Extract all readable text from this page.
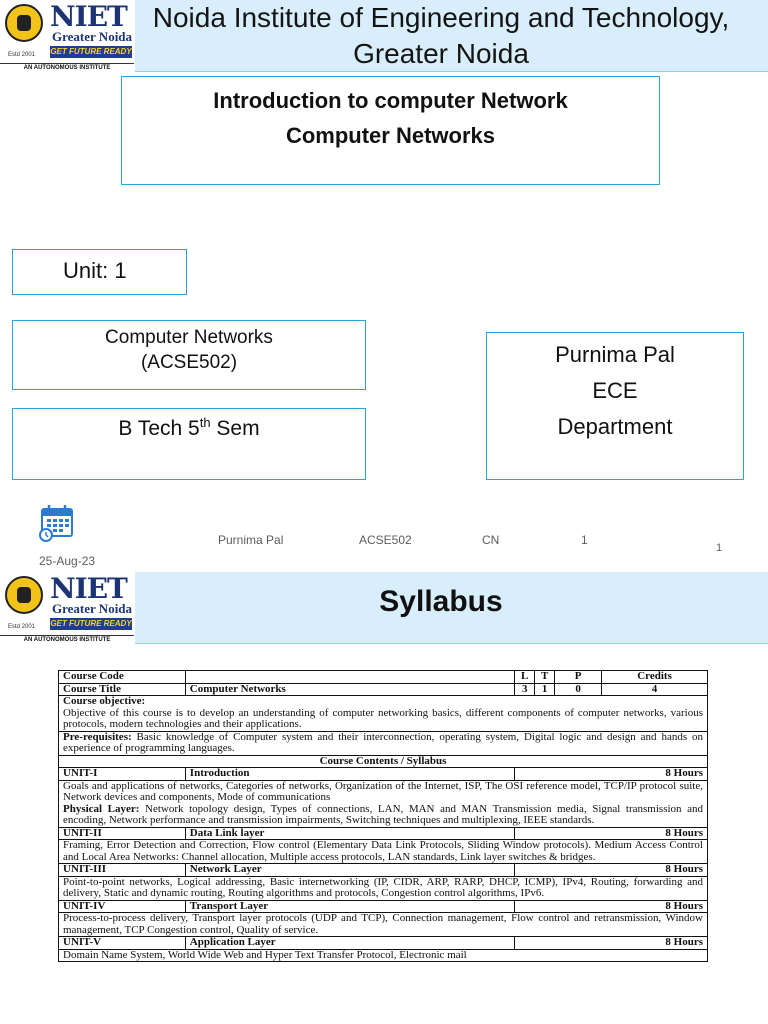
NIET
Greater Noida
GET FUTURE READY
Estd 2001
AN AUTONOMOUS INSTITUTE
Noida Institute of Engineering and Technology, Greater Noida
Introduction to computer Network
Computer Networks
Unit: 1
Computer Networks
(ACSE502)
B Tech 5th Sem
Purnima Pal
ECE
Department
25-Aug-23
Purnima Pal	ACSE502	CN	1
1
NIET
Greater Noida
GET FUTURE READY
Estd 2001
AN AUTONOMOUS INSTITUTE
Syllabus
Course Code		L	T	P	Credits
Course Title	Computer Networks	3	1	0	4

Course objective:
Objective of this course is to develop an understanding of computer networking basics, different components of computer networks, various protocols, modern technologies and their applications.					

Pre-requisites: Basic knowledge of Computer system and their interconnection, operating system, Digital logic and design and hands on experience of programming languages.					
Course Contents / Syllabus					
UNIT-I	Introduction	8 Hours			

Goals and applications of networks, Categories of networks, Organization of the Internet, ISP, The OSI reference model, TCP/IP protocol suite, Network devices and components, Mode of communications
Physical Layer: Network topology design, Types of connections, LAN, MAN and MAN Transmission media, Signal transmission and encoding, Network performance and transmission impairments, Switching techniques and multiplexing, IEEE standards.					

UNIT-II	Data Link layer	8 Hours			
Framing, Error Detection and Correction, Flow control (Elementary Data Link Protocols, Sliding Window protocols). Medium Access Control and Local Area Networks: Channel allocation, Multiple access protocols, LAN standards, Link layer switches & bridges.					
UNIT-III	Network Layer	8 Hours			
Point-to-point networks, Logical addressing, Basic internetworking (IP, CIDR, ARP, RARP, DHCP, ICMP), IPv4, Routing, forwarding and delivery, Static and dynamic routing, Routing algorithms and protocols, Congestion control algorithms, IPv6.					
UNIT-IV	Transport Layer	8 Hours			
Process-to-process delivery, Transport layer protocols (UDP and TCP), Connection management, Flow control and retransmission, Window management, TCP Congestion control, Quality of service.					
UNIT-V	Application Layer	8 Hours			
Domain Name System, World Wide Web and Hyper Text Transfer Protocol, Electronic mail					
